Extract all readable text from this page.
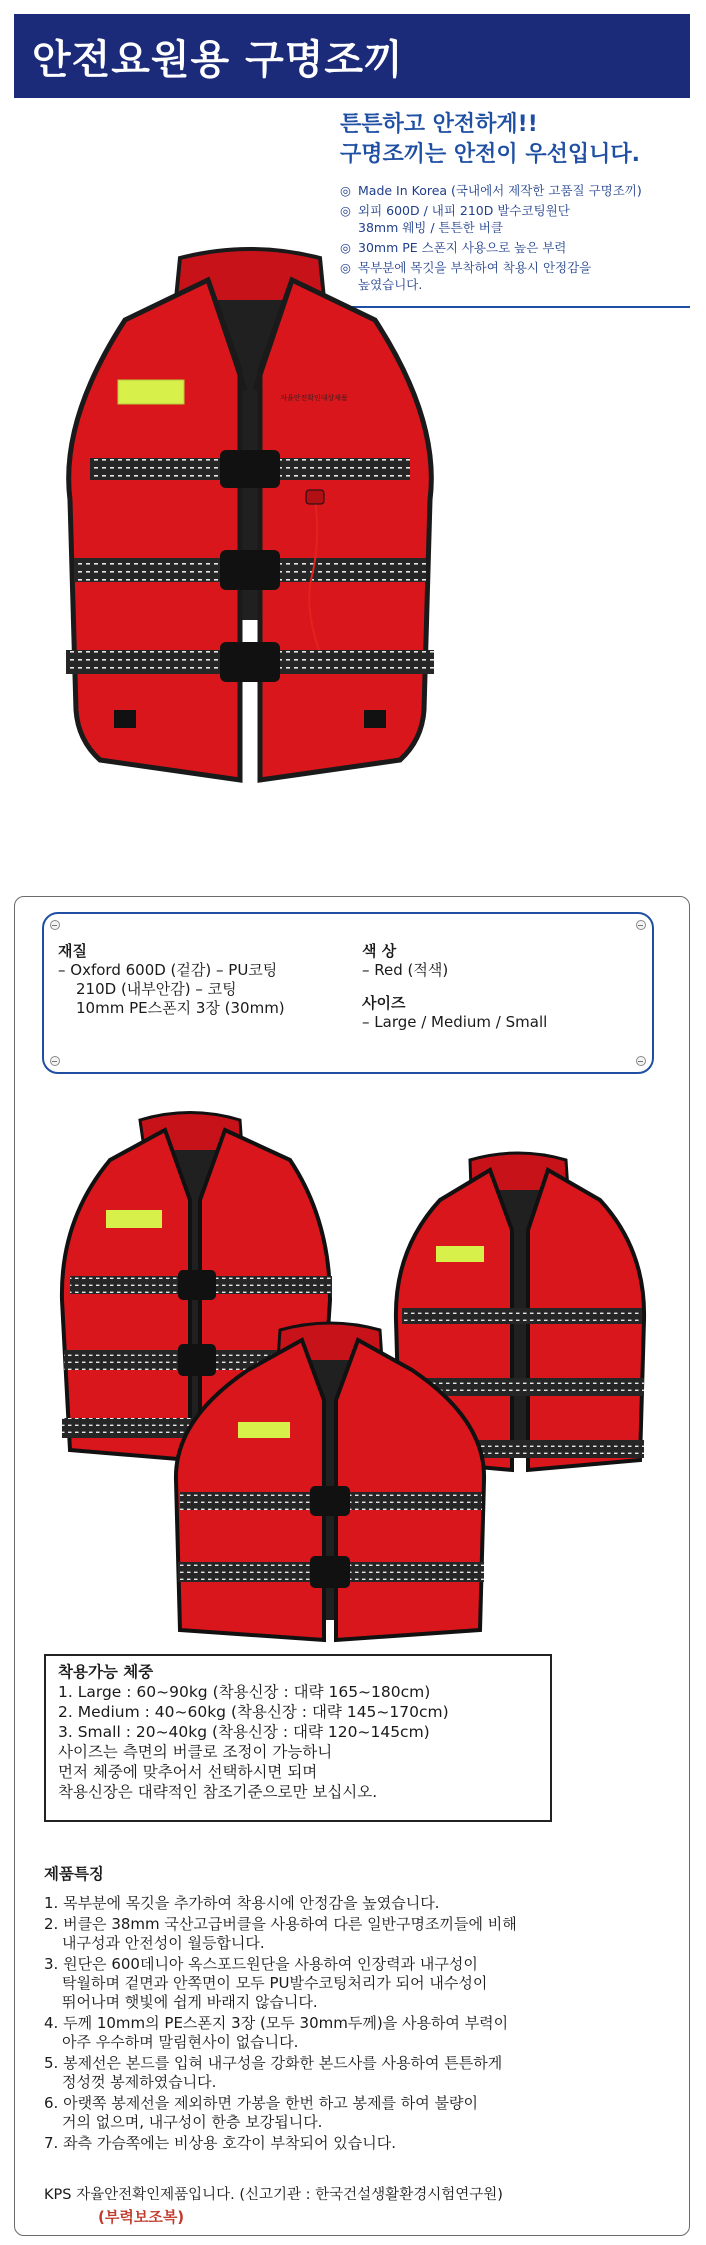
안전요원용 구명조끼
튼튼하고 안전하게!!
구명조끼는 안전이 우선입니다.
◎ Made In Korea (국내에서 제작한 고품질 구명조끼)
◎ 외피 600D / 내피 210D 발수코팅원단
38mm 웨빙 / 튼튼한 버클
◎ 30mm PE 스폰지 사용으로 높은 부력
◎ 목부분에 목깃을 부착하여 착용시 안정감을
높였습니다.
자율안전확인대상제품
재질
– Oxford 600D (겉감) – PU코팅
210D (내부안감) – 코팅
10mm PE스폰지 3장 (30mm)
색 상
– Red (적색)
사이즈
– Large / Medium / Small
착용가능 체중
1. Large : 60~90kg (착용신장 : 대략 165~180cm)
2. Medium : 40~60kg (착용신장 : 대략 145~170cm)
3. Small : 20~40kg (착용신장 : 대략 120~145cm)
사이즈는 측면의 버클로 조정이 가능하니
먼저 체중에 맞추어서 선택하시면 되며
착용신장은 대략적인 참조기준으로만 보십시오.
제품특징
1. 목부분에 목깃을 추가하여 착용시에 안정감을 높였습니다.
2. 버클은 38mm 국산고급버클을 사용하여 다른 일반구명조끼들에 비해
내구성과 안전성이 월등합니다.
3. 원단은 600데니아 옥스포드원단을 사용하여 인장력과 내구성이
탁월하며 겉면과 안쪽면이 모두 PU발수코팅처리가 되어 내수성이
뛰어나며 햇빛에 쉽게 바래지 않습니다.
4. 두께 10mm의 PE스폰지 3장 (모두 30mm두께)을 사용하여 부력이
아주 우수하며 말림현사이 없습니다.
5. 봉제선은 본드를 입혀 내구성을 강화한 본드사를 사용하여 튼튼하게
정성껏 봉제하였습니다.
6. 아랫쪽 봉제선을 제외하면 가봉을 한번 하고 봉제를 하여 불량이
거의 없으며, 내구성이 한층 보강됩니다.
7. 좌측 가슴쪽에는 비상용 호각이 부착되어 있습니다.
KPS 자율안전확인제품입니다. (신고기관 : 한국건설생활환경시험연구원)
(부력보조복)
